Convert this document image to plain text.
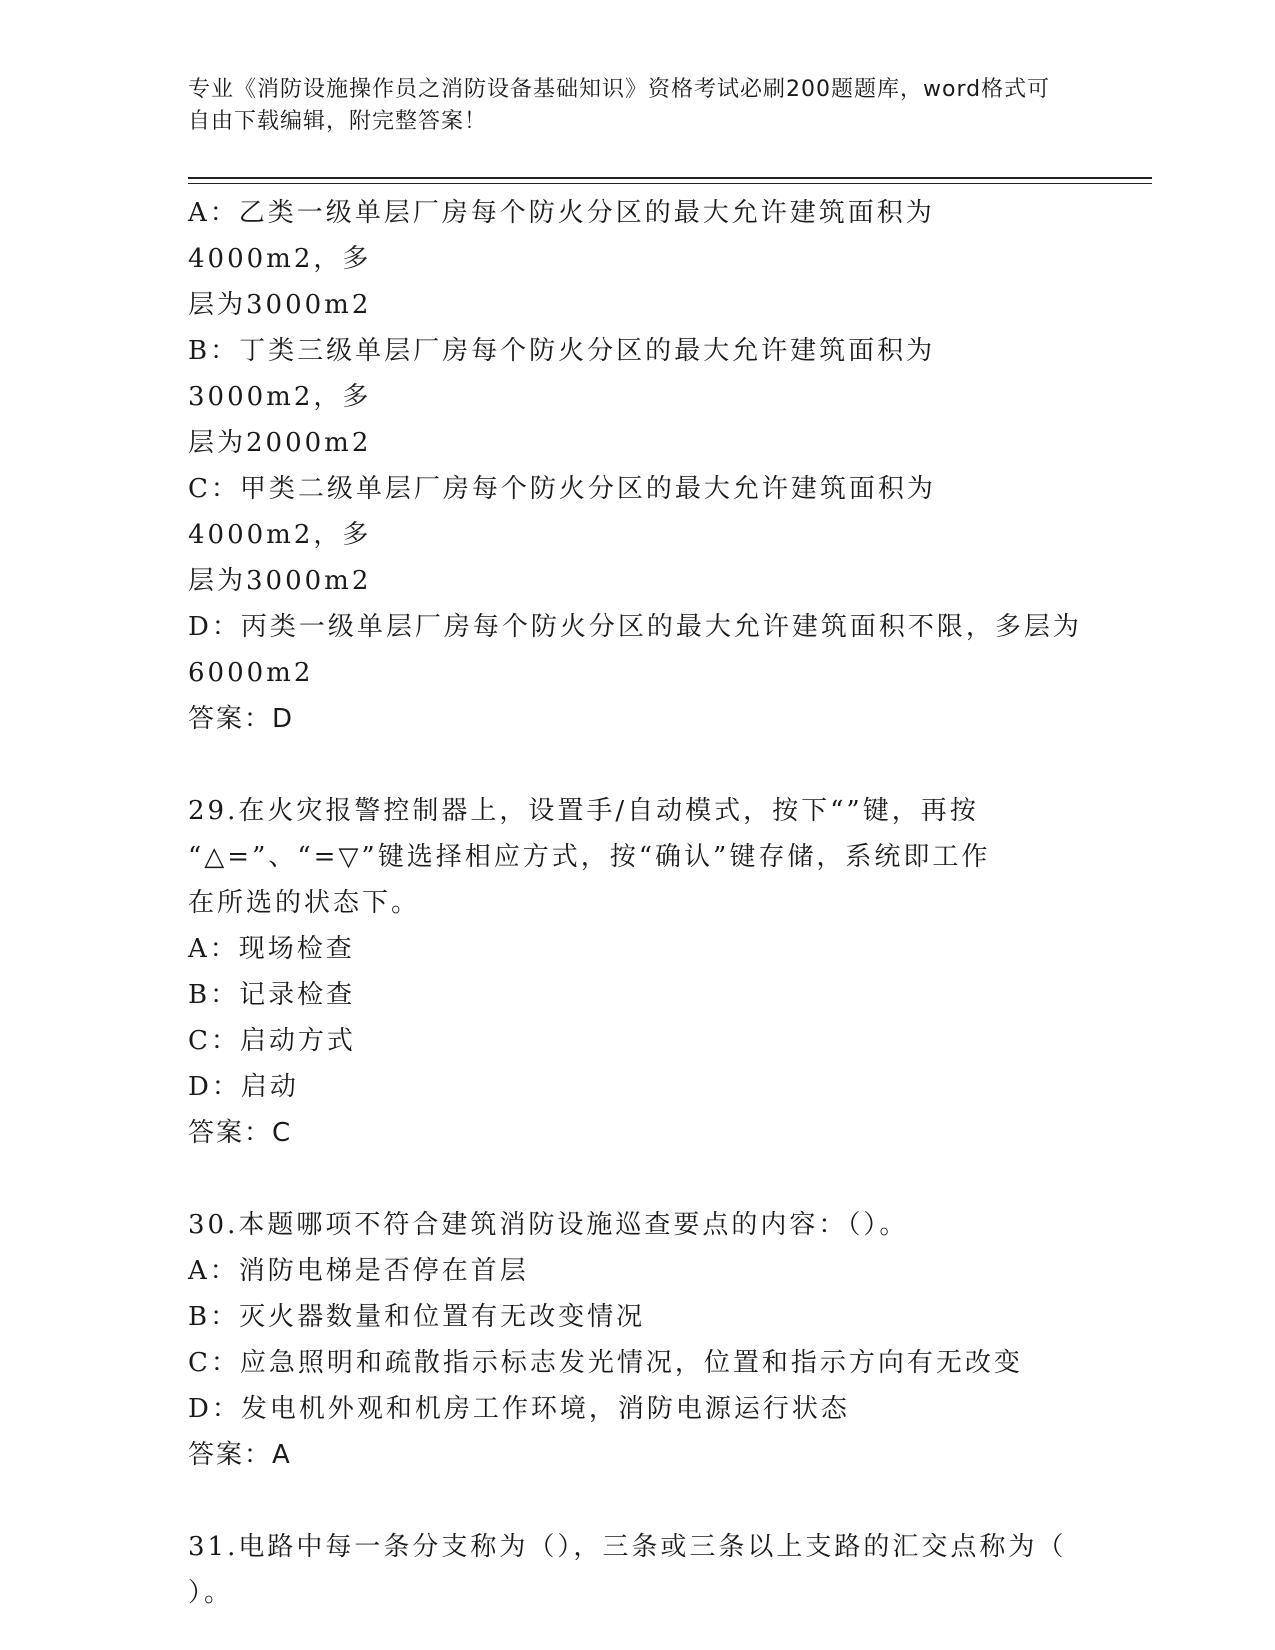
专业《消防设施操作员之消防设备基础知识》资格考试必刷200题题库，word格式可自由下载编辑，附完整答案！
A：乙类一级单层厂房每个防火分区的最大允许建筑面积为4000m2，多
层为3000m2
B：丁类三级单层厂房每个防火分区的最大允许建筑面积为3000m2，多
层为2000m2
C：甲类二级单层厂房每个防火分区的最大允许建筑面积为4000m2，多
层为3000m2
D：丙类一级单层厂房每个防火分区的最大允许建筑面积不限，多层为
6000m2
答案：D
29.在火灾报警控制器上，设置手/自动模式，按下“”键，再按
“△=”、“=▽”键选择相应方式，按“确认”键存储，系统即工作
在所选的状态下。
A：现场检查
B：记录检查
C：启动方式
D：启动
答案：C
30.本题哪项不符合建筑消防设施巡查要点的内容：（）。
A：消防电梯是否停在首层
B：灭火器数量和位置有无改变情况
C：应急照明和疏散指示标志发光情况，位置和指示方向有无改变
D：发电机外观和机房工作环境，消防电源运行状态
答案：A
31.电路中每一条分支称为（），三条或三条以上支路的汇交点称为（
）。
